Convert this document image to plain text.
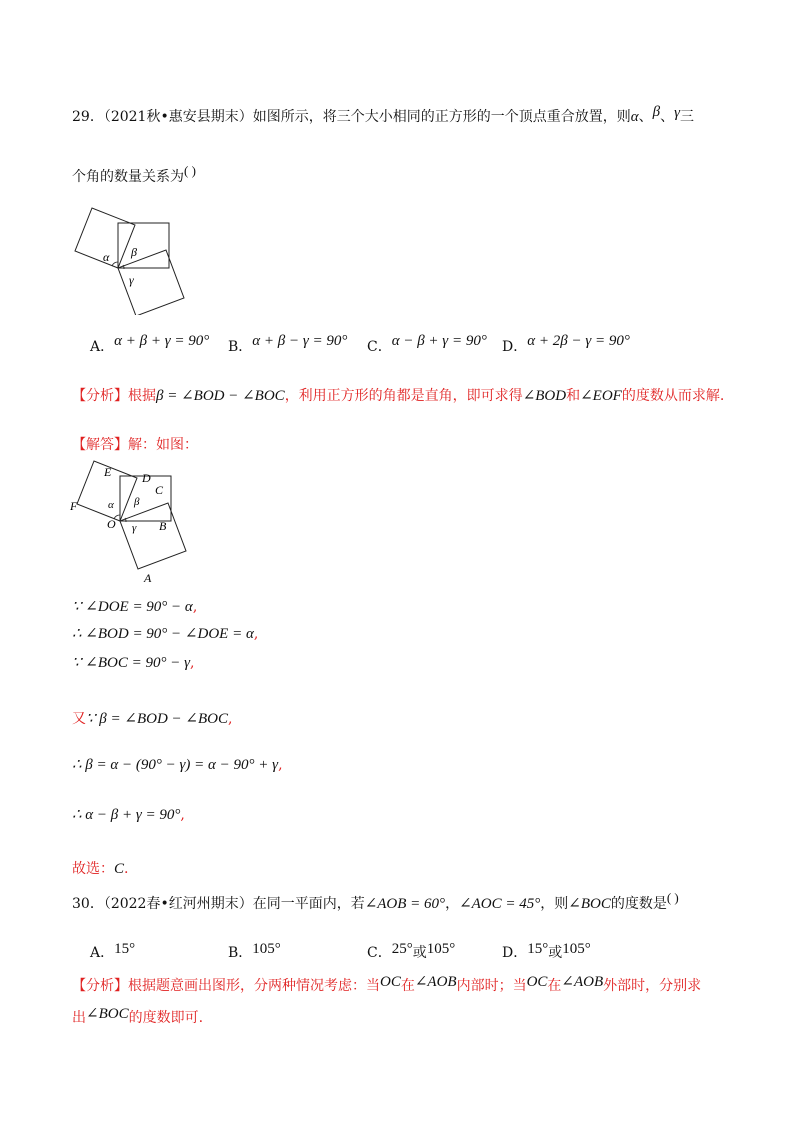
29．（2021秋•惠安县期末）如图所示，将三个大小相同的正方形的一个顶点重合放置，则α、β、γ三
个角的数量关系为( )
α β
γ
A．α + β + γ = 90° B．α + β − γ = 90° C．α − β + γ = 90° D．α + 2β − γ = 90°
【分析】根据β = ∠BOD − ∠BOC，利用正方形的角都是直角，即可求得∠BOD和∠EOF的度数从而求解.
【解答】解：如图：
E	D
C
F
O	B
A
α β
γ
∵ ∠DOE = 90° − α,
∴ ∠BOD = 90° − ∠DOE = α,
∵ ∠BOC = 90° − γ,
又∵ β = ∠BOD − ∠BOC,
∴ β = α − (90° − γ) = α − 90° + γ,
∴ α − β + γ = 90°,
故选：C.
30．（2022春•红河州期末）在同一平面内，若∠AOB = 60°，∠AOC = 45°，则∠BOC的度数是( )
A．15°	B．105°	C．25°或105°	D．15°或105°
【分析】根据题意画出图形，分两种情况考虑：当OC在∠AOB内部时；当OC在∠AOB外部时，分别求
出∠BOC的度数即可.
